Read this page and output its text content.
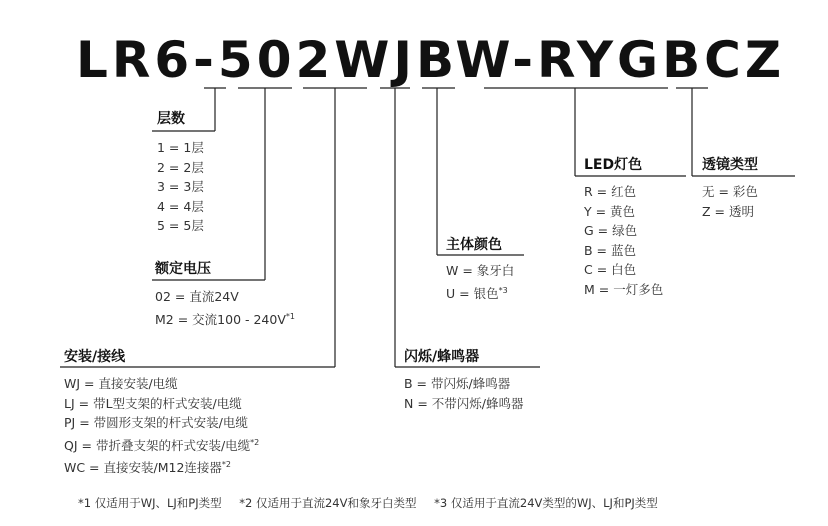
LR6-502WJBW-RYGBCZ
层数
1 = 1层
2 = 2层
3 = 3层
4 = 4层
5 = 5层
额定电压
02 = 直流24V
M2 = 交流$100 - 240V^{*1}$
安装/接线
WJ = 直接安装/电缆
LJ = 带L型支架的杆式安装/电缆
PJ = 带圆形支架的杆式安装/电缆
QJ = 带折叠支架的杆式安装/电缆$^{*2}$
WC = 直接安装/M12连接器$^{*2}$
闪烁/蜂鸣器
B = 带闪烁/蜂鸣器
N = 不带闪烁/蜂鸣器
主体颜色
W = 象牙白
U = 银色$^{*3}$
LED灯色
R = 红色
Y = 黄色
G = 绿色
B = 蓝色
C = 白色
M = 一灯多色
透镜类型
无 = 彩色
Z = 透明
*1 仅适用于WJ、LJ和PJ类型 *2 仅适用于直流24V和象牙白类型 *3 仅适用于直流24V类型的WJ、LJ和PJ类型
